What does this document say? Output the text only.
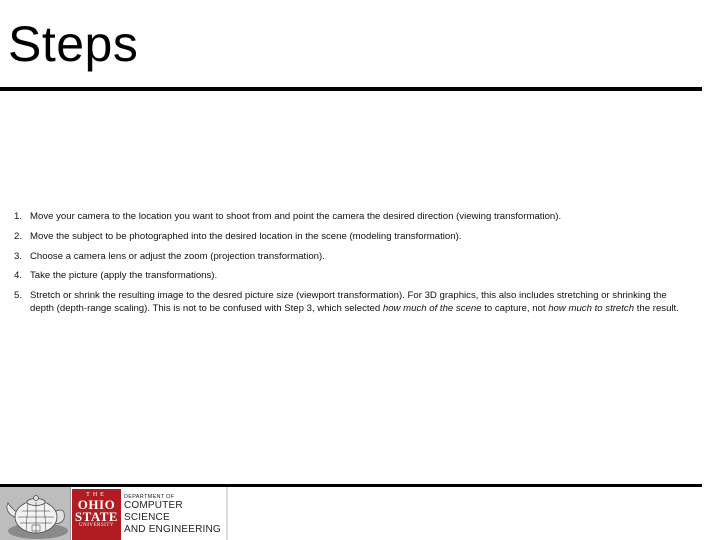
Steps
1. Move your camera to the location you want to shoot from and point the camera the desired direction (viewing transformation).
2. Move the subject to be photographed into the desired location in the scene (modeling transformation).
3. Choose a camera lens or adjust the zoom (projection transformation).
4. Take the picture (apply the transformations).
5. Stretch or shrink the resulting image to the desred picture size (viewport transformation). For 3D graphics, this also includes stretching or shrinking the depth (depth-range scaling). This is not to be confused with Step 3, which selected how much of the scene to capture, not how much to stretch the result.
THE
OHIO
STATE
UNIVERSITY
DEPARTMENT OF
COMPUTER SCIENCE
AND ENGINEERING
